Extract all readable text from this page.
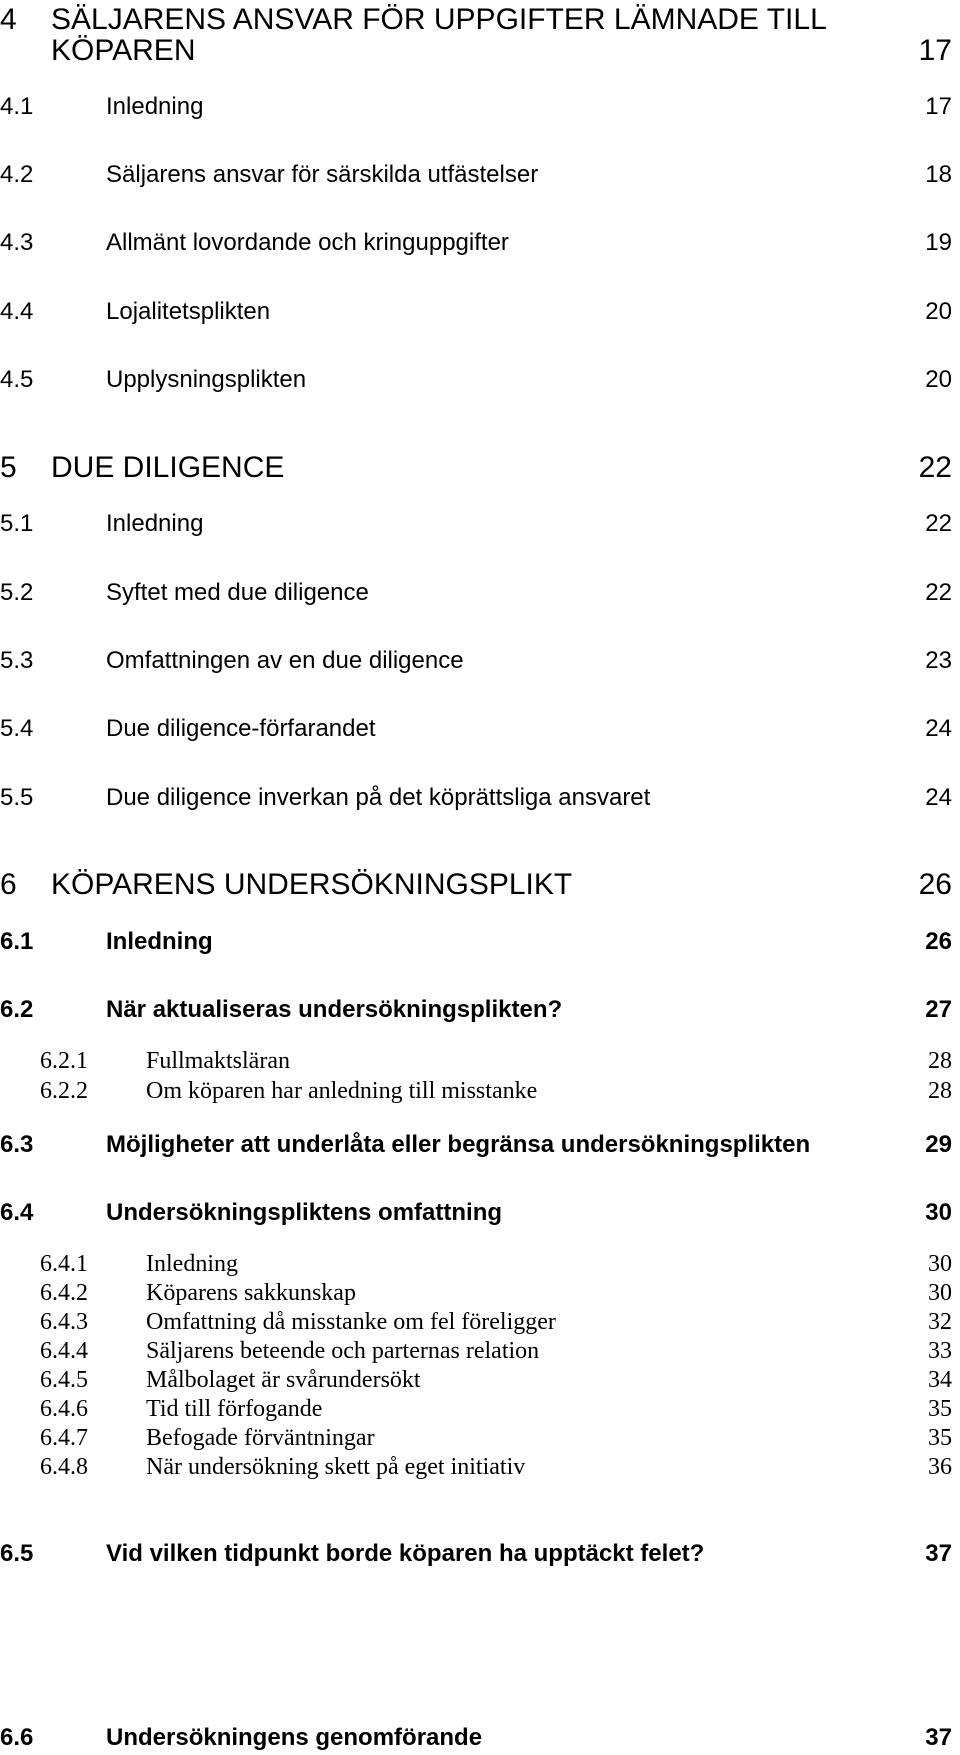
4 SÄLJARENS ANSVAR FÖR UPPGIFTER LÄMNADE TILL
KÖPAREN	17
4.1	Inledning	17
4.2	Säljarens ansvar för särskilda utfästelser	18
4.3	Allmänt lovordande och kringuppgifter	19
4.4	Lojalitetsplikten	20
4.5	Upplysningsplikten	20
5 DUE DILIGENCE	22
5.1	Inledning	22
5.2	Syftet med due diligence	22
5.3	Omfattningen av en due diligence	23
5.4	Due diligence-förfarandet	24
5.5	Due diligence inverkan på det köprättsliga ansvaret	24
6 KÖPARENS UNDERSÖKNINGSPLIKT	26
6.1	Inledning	26
6.2	När aktualiseras undersökningsplikten?	27
6.2.1 Fullmaktsläran	28
6.2.2 Om köparen har anledning till misstanke	28
6.3	Möjligheter att underlåta eller begränsa undersökningsplikten	29
6.4	Undersökningspliktens omfattning	30
6.4.1 Inledning	30
6.4.2 Köparens sakkunskap	30
6.4.3 Omfattning då misstanke om fel föreligger	32
6.4.4 Säljarens beteende och parternas relation	33
6.4.5 Målbolaget är svårundersökt	34
6.4.6 Tid till förfogande	35
6.4.7 Befogade förväntningar	35
6.4.8 När undersökning skett på eget initiativ	36
6.5	Vid vilken tidpunkt borde köparen ha upptäckt felet?	37
6.6	Undersökningens genomförande	37
